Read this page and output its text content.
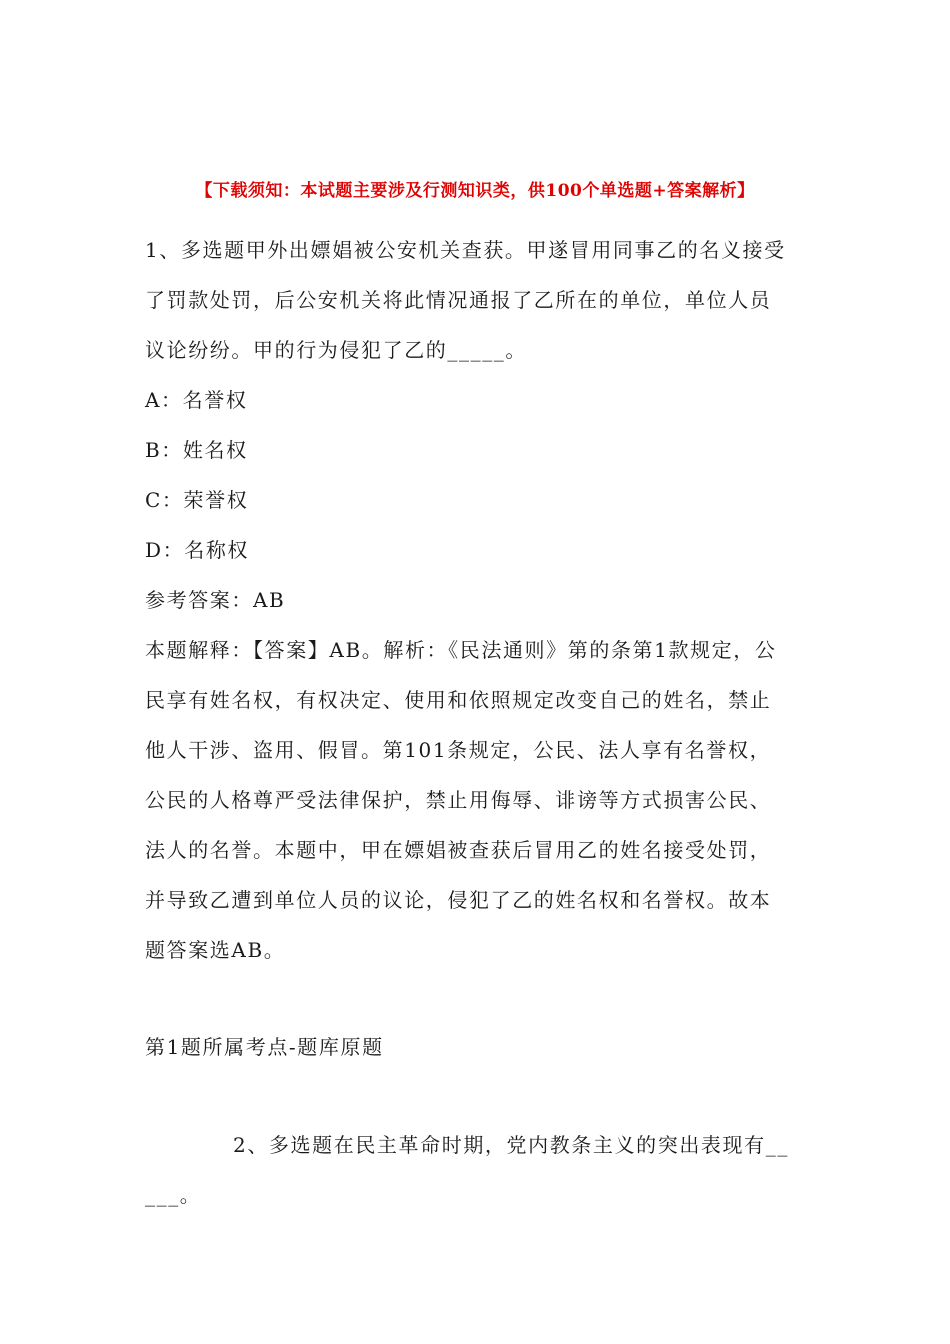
【下载须知：本试题主要涉及行测知识类，供100个单选题+答案解析】

1、多选题甲外出嫖娼被公安机关查获。甲遂冒用同事乙的名义接受
了罚款处罚，后公安机关将此情况通报了乙所在的单位，单位人员
议论纷纷。甲的行为侵犯了乙的_____。

A：名誉权
B：姓名权
C：荣誉权
D：名称权
参考答案：AB

本题解释：【答案】AB。解析：《民法通则》第的条第1款规定，公
民享有姓名权，有权决定、使用和依照规定改变自己的姓名，禁止
他人干涉、盗用、假冒。第101条规定，公民、法人享有名誉权，
公民的人格尊严受法律保护，禁止用侮辱、诽谤等方式损害公民、
法人的名誉。本题中，甲在嫖娼被查获后冒用乙的姓名接受处罚，
并导致乙遭到单位人员的议论，侵犯了乙的姓名权和名誉权。故本
题答案选AB。

第1题所属考点-题库原题
2、多选题在民主革命时期，党内教条主义的突出表现有__
___。
